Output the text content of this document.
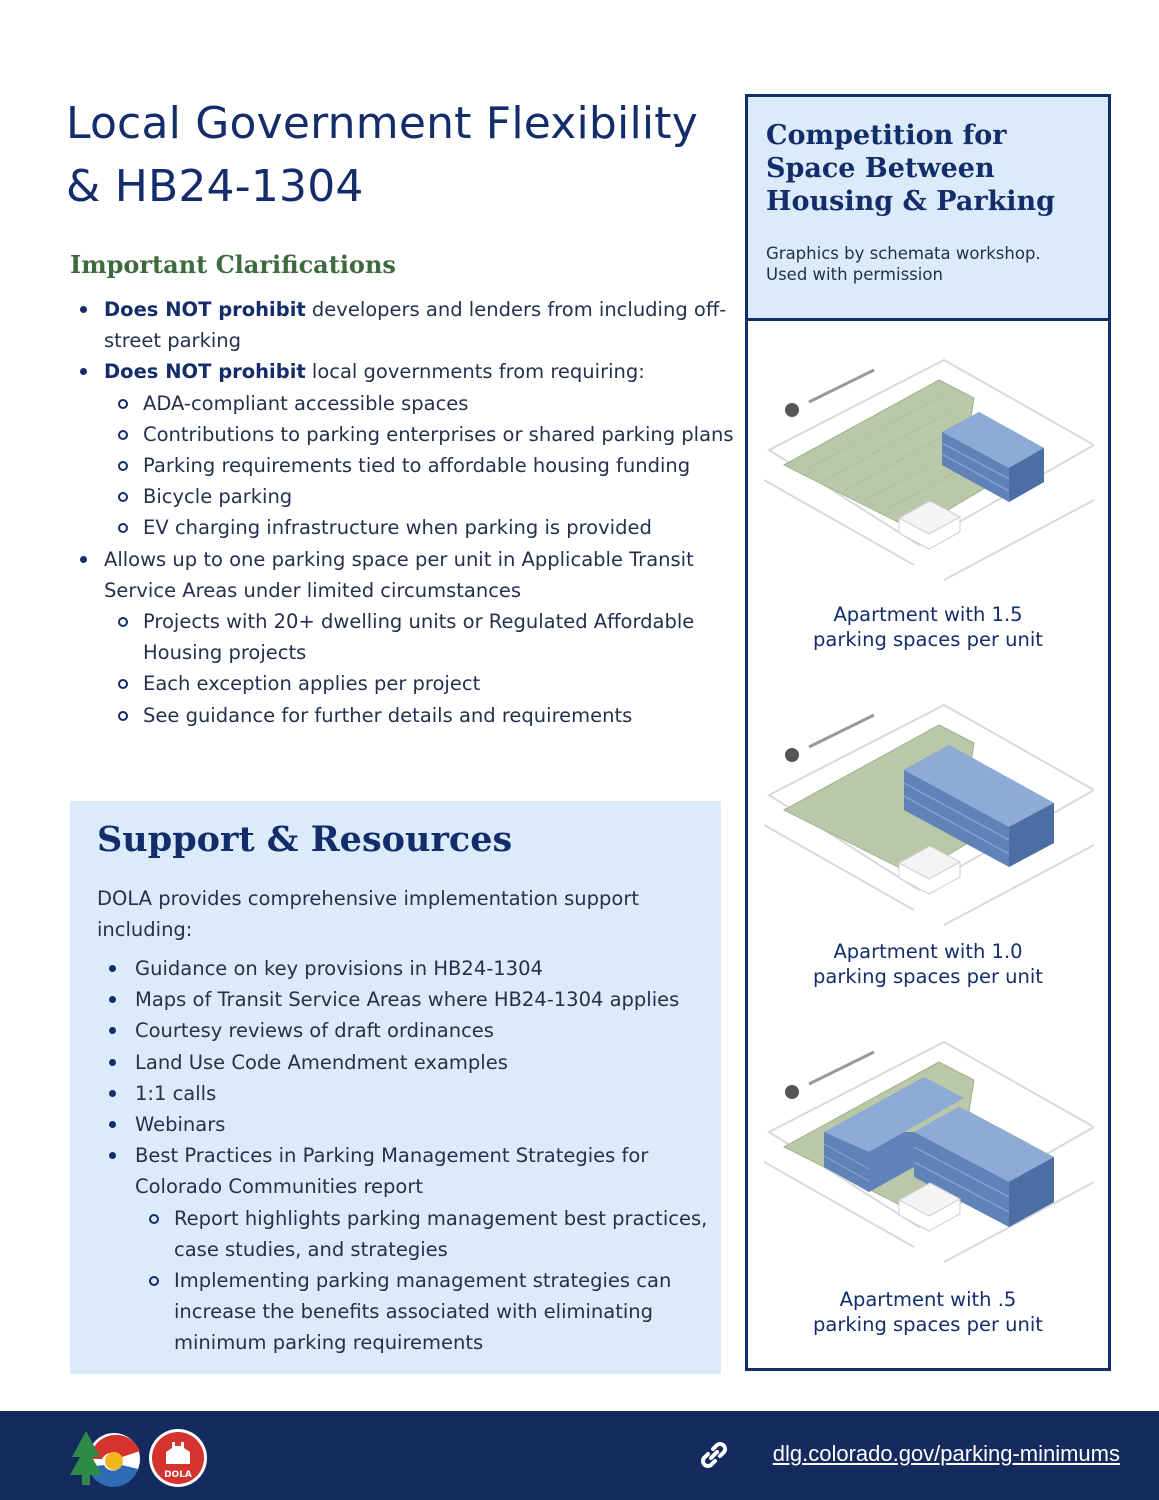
Local Government Flexibility
& HB24-1304
Important Clarifications
Does NOT prohibit developers and lenders from including off-street parking
Does NOT prohibit local governments from requiring:
ADA-compliant accessible spaces
Contributions to parking enterprises or shared parking plans
Parking requirements tied to affordable housing funding
Bicycle parking
EV charging infrastructure when parking is provided
Allows up to one parking space per unit in Applicable Transit Service Areas under limited circumstances
Projects with 20+ dwelling units or Regulated Affordable Housing projects
Each exception applies per project
See guidance for further details and requirements
Support & Resources

DOLA provides comprehensive implementation support including:

Guidance on key provisions in HB24-1304
Maps of Transit Service Areas where HB24-1304 applies
Courtesy reviews of draft ordinances
Land Use Code Amendment examples
1:1 calls
Webinars
Best Practices in Parking Management Strategies for Colorado Communities report
Report highlights parking management best practices, case studies, and strategies
Implementing parking management strategies can increase the benefits associated with eliminating minimum parking requirements
Competition for Space Between Housing & Parking

Graphics by schemata workshop.
Used with permission

Apartment with 1.5
parking spaces per unit

Apartment with 1.0
parking spaces per unit

Apartment with .5
parking spaces per unit

DOLA
dlg.colorado.gov/parking-minimums
